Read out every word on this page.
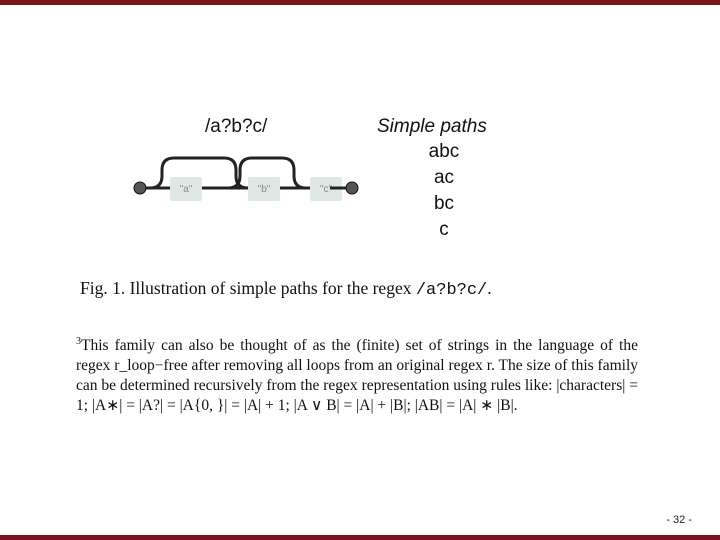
/a?b?c/	Simple paths
abc
ac
bc
c
"a"	"b"	"c"
Fig. 1. Illustration of simple paths for the regex /a?b?c/.

$^3$This family can also be thought of as the (finite) set of strings in the language of the regex r_loop−free after removing all loops from an original regex r. The size of this family can be determined recursively from the regex representation using rules like: |characters| = 1; |A∗| = |A?| = |A{0, }| = |A| + 1; |A ∨ B| = |A| + |B|; |AB| = |A| ∗ |B|.

- 32 -
